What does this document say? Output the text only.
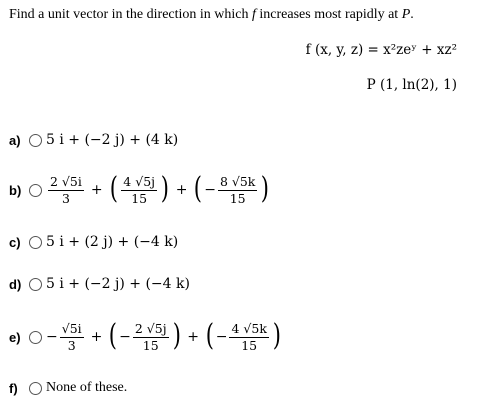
Find a unit vector in the direction in which f increases most rapidly at P.
f (x, y, z) = x²zeʸ + xz²
P (1, ln(2), 1)
a)	5 i + (−2 j) + (4 k)
b)	$\frac{2 √5i}{3}$ + ( $\frac{4 √5j}{15}$ ) + ( − $\frac{8 √5k}{15}$ )
c)	5 i + (2 j) + (−4 k)
d)	5 i + (−2 j) + (−4 k)
e)	− $\frac{√5i}{3}$ + ( − $\frac{2 √5j}{15}$ ) + ( − $\frac{4 √5k}{15}$ )
f)	None of these.
